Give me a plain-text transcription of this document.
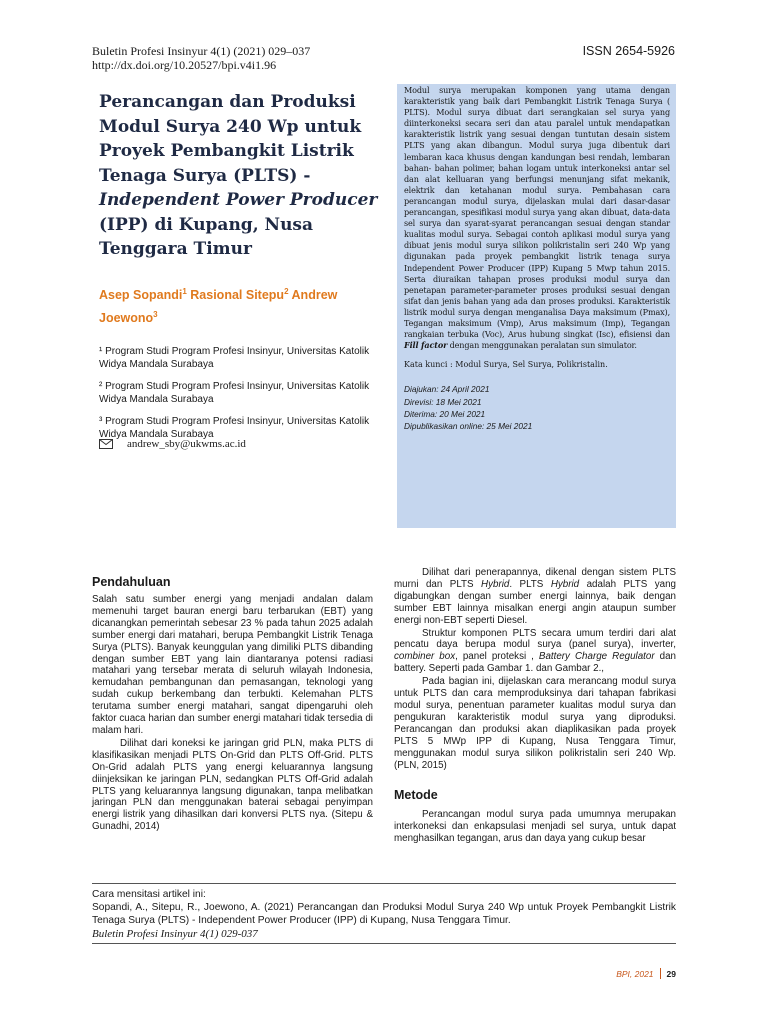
Buletin Profesi Insinyur 4(1) (2021) 029–037
http://dx.doi.org/10.20527/bpi.v4i1.96
ISSN 2654-5926
Perancangan dan Produksi Modul Surya 240 Wp untuk Proyek Pembangkit Listrik Tenaga Surya (PLTS) - Independent Power Producer (IPP) di Kupang, Nusa Tenggara Timur
Asep Sopandi$^1$ Rasional Sitepu$^2$ Andrew Joewono$^3$

¹ Program Studi Program Profesi Insinyur, Universitas Katolik Widya Mandala Surabaya

² Program Studi Program Profesi Insinyur, Universitas Katolik Widya Mandala Surabaya

³ Program Studi Program Profesi Insinyur, Universitas Katolik Widya Mandala Surabaya

andrew_sby@ukwms.ac.id

Modul surya merupakan komponen yang utama dengan karakteristik yang baik dari Pembangkit Listrik Tenaga Surya ( PLTS). Modul surya dibuat dari serangkaian sel surya yang diinterkoneksi secara seri dan atau paralel untuk mendapatkan karakteristik listrik yang sesuai dengan tuntutan desain sistem PLTS yang akan dibangun. Modul surya juga dibentuk dari lembaran kaca khusus dengan kandungan besi rendah, lembaran bahan- bahan polimer, bahan logam untuk interkoneksi antar sel dan alat kelluaran yang berfungsi menunjang sifat mekanik, elektrik dan ketahanan modul surya. Pembahasan cara perancangan modul surya, dijelaskan mulai dari dasar-dasar perancangan, spesifikasi modul surya yang akan dibuat, data-data sel surya dan syarat-syarat perancangan sesuai dengan standar kualitas modul surya. Sebagai contoh aplikasi modul surya yang dibuat jenis modul surya silikon polikristalin seri 240 Wp yang digunakan pada proyek pembangkit listrik tenaga surya Independent Power Producer (IPP) Kupang 5 Mwp tahun 2015. Serta diuraikan tahapan proses produksi modul surya dan penetapan parameter-parameter proses produksi sesuai dengan sifat dan jenis bahan yang ada dan proses produksi. Karakteristik listrik modul surya dengan menganalisa Daya maksimum (Pmax), Tegangan maksimum (Vmp), Arus maksimum (Imp), Tegangan rangkaian terbuka (Voc), Arus hubung singkat (Isc), efisiensi dan Fill factor dengan menggunakan peralatan sun simulator.

Kata kunci : Modul Surya, Sel Surya, Polikristalin.

Diajukan: 24 April 2021
Direvisi: 18 Mei 2021
Diterima: 20 Mei 2021
Dipublikasikan online: 25 Mei 2021
Pendahuluan

Salah satu sumber energi yang menjadi andalan dalam memenuhi target bauran energi baru terbarukan (EBT) yang dicanangkan pemerintah sebesar 23 % pada tahun 2025 adalah sumber energi dari matahari, berupa Pembangkit Listrik Tenaga Surya (PLTS). Banyak keunggulan yang dimiliki PLTS dibanding dengan sumber EBT yang lain diantaranya potensi radiasi matahari yang tersebar merata di seluruh wilayah Indonesia, kemudahan pembangunan dan pemasangan, teknologi yang sudah cukup berkembang dan terbukti. Kelemahan PLTS terutama sumber energi matahari, sangat dipengaruhi oleh faktor cuaca harian dan sumber energi matahari tidak tersedia di malam hari.

Dilihat dari koneksi ke jaringan grid PLN, maka PLTS di klasifikasikan menjadi PLTS On-Grid dan PLTS Off-Grid. PLTS On-Grid adalah PLTS yang energi keluarannya langsung diinjeksikan ke jaringan PLN, sedangkan PLTS Off-Grid adalah PLTS yang keluarannya langsung digunakan, tanpa melibatkan jaringan PLN dan menggunakan baterai sebagai penyimpan energi listrik yang dihasilkan dari konversi PLTS nya. (Sitepu & Gunadhi, 2014)

Dilihat dari penerapannya, dikenal dengan sistem PLTS murni dan PLTS Hybrid. PLTS Hybrid adalah PLTS yang digabungkan dengan sumber energi lainnya, baik dengan sumber EBT lainnya misalkan energi angin ataupun sumber energi non-EBT seperti Diesel.

Struktur komponen PLTS secara umum terdiri dari alat pencatu daya berupa modul surya (panel surya), inverter, combiner box, panel proteksi , Battery Charge Regulator dan battery. Seperti pada Gambar 1. dan Gambar 2.,

Pada bagian ini, dijelaskan cara merancang modul surya untuk PLTS dan cara memproduksinya dari tahapan fabrikasi modul surya, penentuan parameter kualitas modul surya dan pengukuran karakteristik modul surya yang diproduksi. Perancangan dan produksi akan diaplikasikan pada proyek PLTS 5 MWp IPP di Kupang, Nusa Tenggara Timur, menggunakan modul surya silikon polikristalin seri 240 Wp. (PLN, 2015)

Metode

Perancangan modul surya pada umumnya merupakan interkoneksi dan enkapsulasi menjadi sel surya, untuk dapat menghasilkan tegangan, arus dan daya yang cukup besar

Cara mensitasi artikel ini:
Sopandi, A., Sitepu, R., Joewono, A. (2021) Perancangan dan Produksi Modul Surya 240 Wp untuk Proyek Pembangkit Listrik Tenaga Surya (PLTS) - Independent Power Producer (IPP) di Kupang, Nusa Tenggara Timur.
Buletin Profesi Insinyur 4(1) 029-037
BPI, 2021 29
